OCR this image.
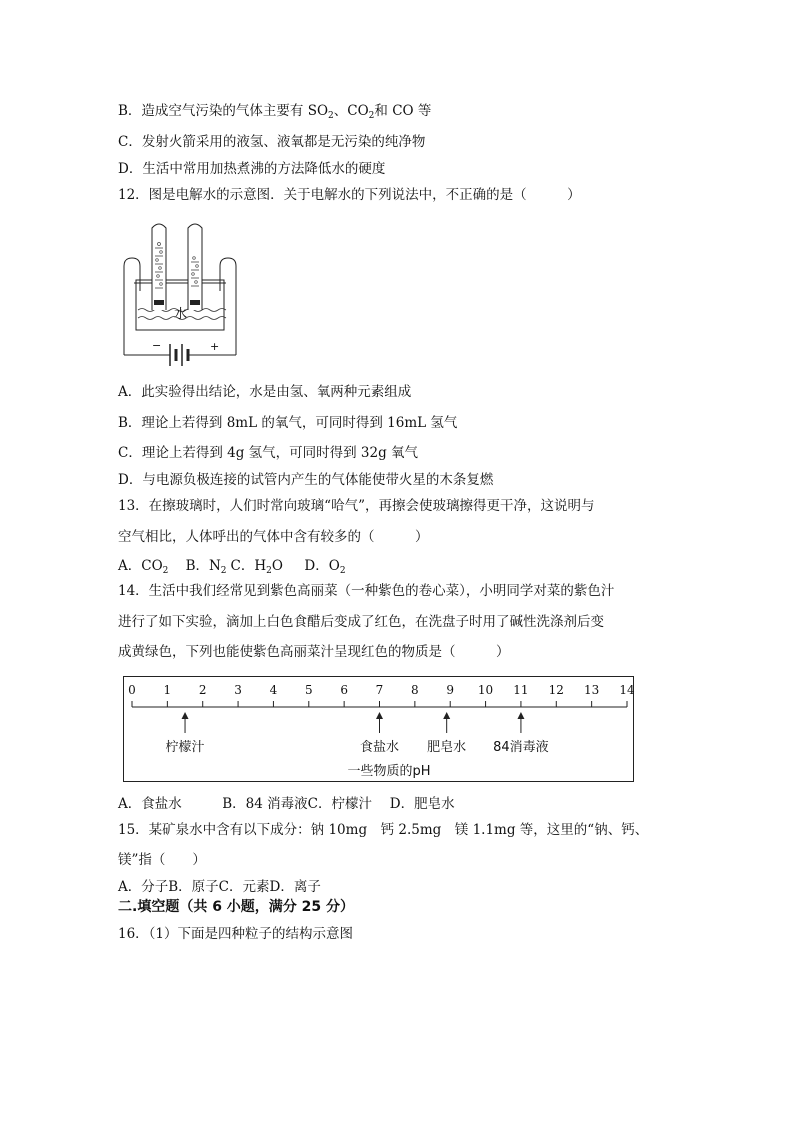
B．造成空气污染的气体主要有 $SO_2$、$CO_2$和 CO 等
C．发射火箭采用的液氢、液氧都是无污染的纯净物
D．生活中常用加热煮沸的方法降低水的硬度
12．图是电解水的示意图．关于电解水的下列说法中，不正确的是（　　　）
水
−	+
A．此实验得出结论，水是由氢、氧两种元素组成
B．理论上若得到 8mL 的氧气，可同时得到 16mL 氢气
C．理论上若得到 4g 氢气，可同时得到 32g 氧气
D．与电源负极连接的试管内产生的气体能使带火星的木条复燃
13．在擦玻璃时，人们时常向玻璃“哈气”，再擦会使玻璃擦得更干净，这说明与
空气相比，人体呼出的气体中含有较多的（　　　）
A．$CO_2$ B．$N_2$ C．$H_2O$ D．$O_2$
14．生活中我们经常见到紫色高丽菜（一种紫色的卷心菜），小明同学对菜的紫色汁
进行了如下实验，滴加上白色食醋后变成了红色，在洗盘子时用了碱性洗涤剂后变
成黄绿色，下列也能使紫色高丽菜汁呈现红色的物质是（　　　）
0 1 2 3 4 5 6 7 8 9 10 11 12 13 14
柠檬汁	食盐水 肥皂水 84消毒液
一些物质的pH
A．食盐水　　　B．84 消毒液C．柠檬汁　 D．肥皂水
15．某矿泉水中含有以下成分：钠 10mg　钙 2.5mg　镁 1.1mg 等，这里的“钠、钙、
镁”指（　　）
A．分子B．原子C．元素D．离子
二.填空题（共 6 小题，满分 25 分）
16．（1）下面是四种粒子的结构示意图
